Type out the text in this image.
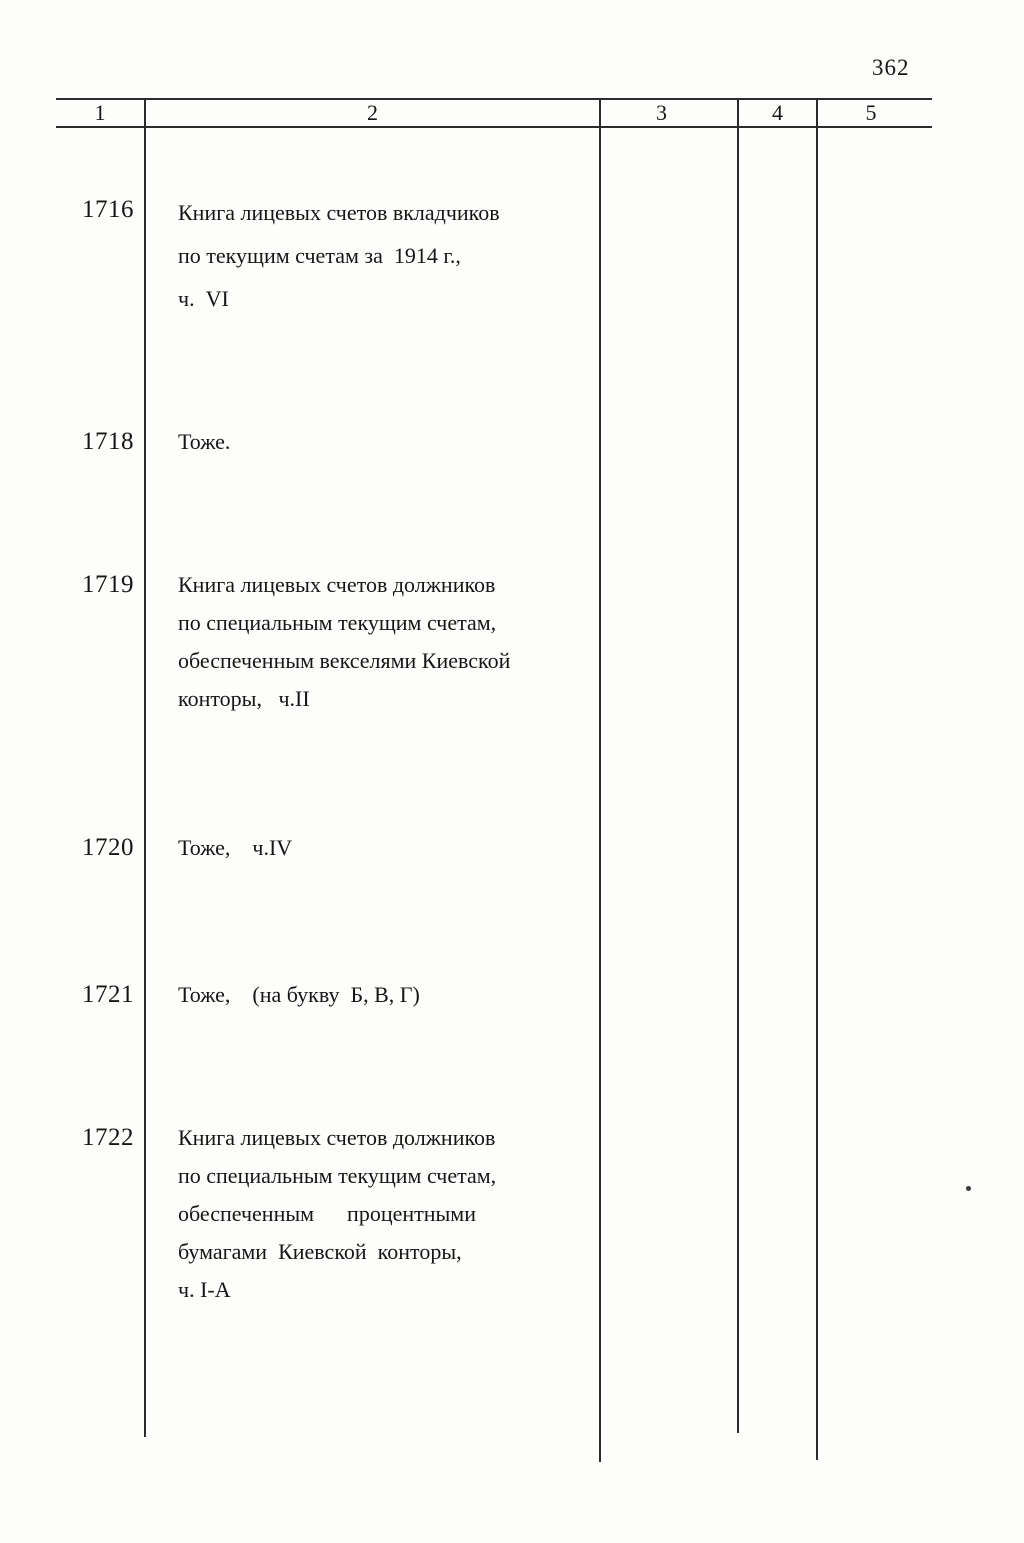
362
1	2	3	4	5
1716 Книга лицевых счетов вкладчиков
по текущим счетам за  1914 г.,
ч.  VI
1718 Тоже.
1719 Книга лицевых счетов должников
по специальным текущим счетам,
обеспеченным векселями Киевской
конторы,   ч.II
1720 Тоже,    ч.IV
1721 Тоже,    (на букву  Б, В, Г)
1722 Книга лицевых счетов должников
по специальным текущим счетам,
обеспеченным      процентными
бумагами  Киевской  конторы,
ч. I-А
